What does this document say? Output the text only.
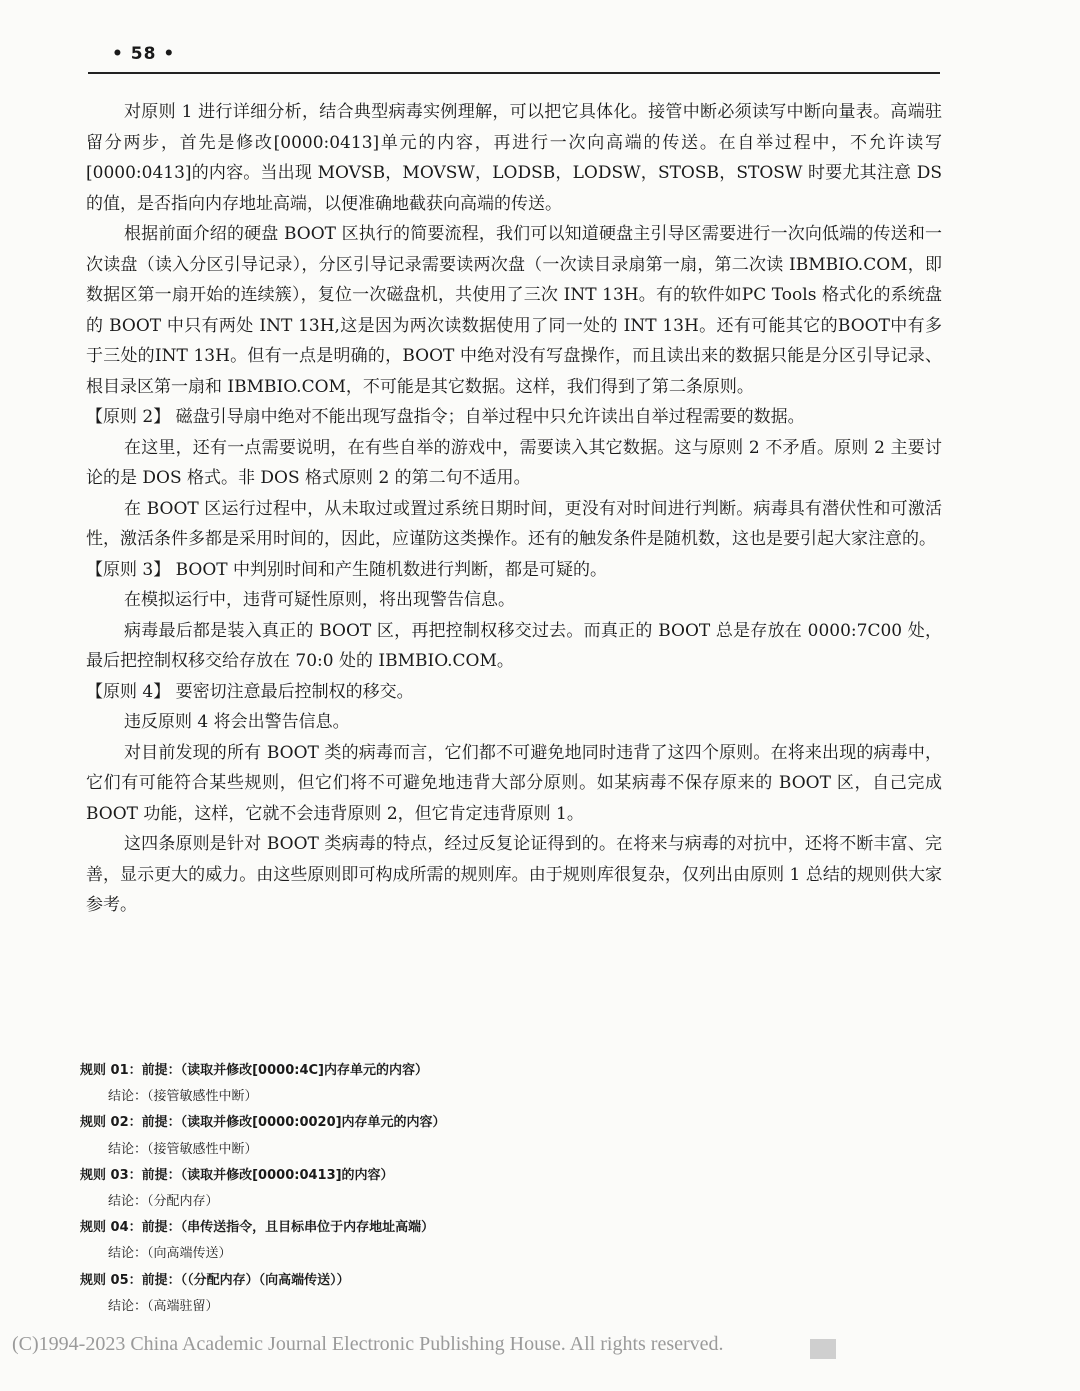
• 58 •

对原则 1 进行详细分析，结合典型病毒实例理解，可以把它具体化。接管中断必须读写中断向量表。高端驻留分两步，首先是修改[0000:0413]单元的内容，再进行一次向高端的传送。在自举过程中，不允许读写[0000:0413]的内容。当出现 MOVSB，MOVSW，LODSB，LODSW，STOSB，STOSW 时要尤其注意 DS 的值，是否指向内存地址高端，以便准确地截获向高端的传送。

根据前面介绍的硬盘 BOOT 区执行的简要流程，我们可以知道硬盘主引导区需要进行一次向低端的传送和一次读盘（读入分区引导记录），分区引导记录需要读两次盘（一次读目录扇第一扇，第二次读 IBMBIO.COM，即数据区第一扇开始的连续簇），复位一次磁盘机，共使用了三次 INT 13H。有的软件如PC Tools 格式化的系统盘的 BOOT 中只有两处 INT 13H,这是因为两次读数据使用了同一处的 INT 13H。还有可能其它的BOOT中有多于三处的INT 13H。但有一点是明确的，BOOT 中绝对没有写盘操作，而且读出来的数据只能是分区引导记录、根目录区第一扇和 IBMBIO.COM，不可能是其它数据。这样，我们得到了第二条原则。

【原则 2】 磁盘引导扇中绝对不能出现写盘指令；自举过程中只允许读出自举过程需要的数据。

在这里，还有一点需要说明，在有些自举的游戏中，需要读入其它数据。这与原则 2 不矛盾。原则 2 主要讨论的是 DOS 格式。非 DOS 格式原则 2 的第二句不适用。

在 BOOT 区运行过程中，从未取过或置过系统日期时间，更没有对时间进行判断。病毒具有潜伏性和可激活性，激活条件多都是采用时间的，因此，应谨防这类操作。还有的触发条件是随机数，这也是要引起大家注意的。

【原则 3】 BOOT 中判别时间和产生随机数进行判断，都是可疑的。

在模拟运行中，违背可疑性原则，将出现警告信息。

病毒最后都是装入真正的 BOOT 区，再把控制权移交过去。而真正的 BOOT 总是存放在 0000:7C00 处，最后把控制权移交给存放在 70:0 处的 IBMBIO.COM。

【原则 4】 要密切注意最后控制权的移交。

违反原则 4 将会出警告信息。

对目前发现的所有 BOOT 类的病毒而言，它们都不可避免地同时违背了这四个原则。在将来出现的病毒中，它们有可能符合某些规则，但它们将不可避免地违背大部分原则。如某病毒不保存原来的 BOOT 区，自己完成 BOOT 功能，这样，它就不会违背原则 2，但它肯定违背原则 1。

这四条原则是针对 BOOT 类病毒的特点，经过反复论证得到的。在将来与病毒的对抗中，还将不断丰富、完善，显示更大的威力。由这些原则即可构成所需的规则库。由于规则库很复杂，仅列出由原则 1 总结的规则供大家参考。

规则 01：前提：（读取并修改[0000:4C]内存单元的内容）
结论：（接管敏感性中断）
规则 02：前提：（读取并修改[0000:0020]内存单元的内容）
结论：（接管敏感性中断）
规则 03：前提：（读取并修改[0000:0413]的内容）
结论：（分配内存）
规则 04：前提：（串传送指令，且目标串位于内存地址高端）
结论：（向高端传送）
规则 05：前提：（（分配内存）（向高端传送））
结论：（高端驻留）
(C)1994-2023 China Academic Journal Electronic Publishing House. All rights reserved.
